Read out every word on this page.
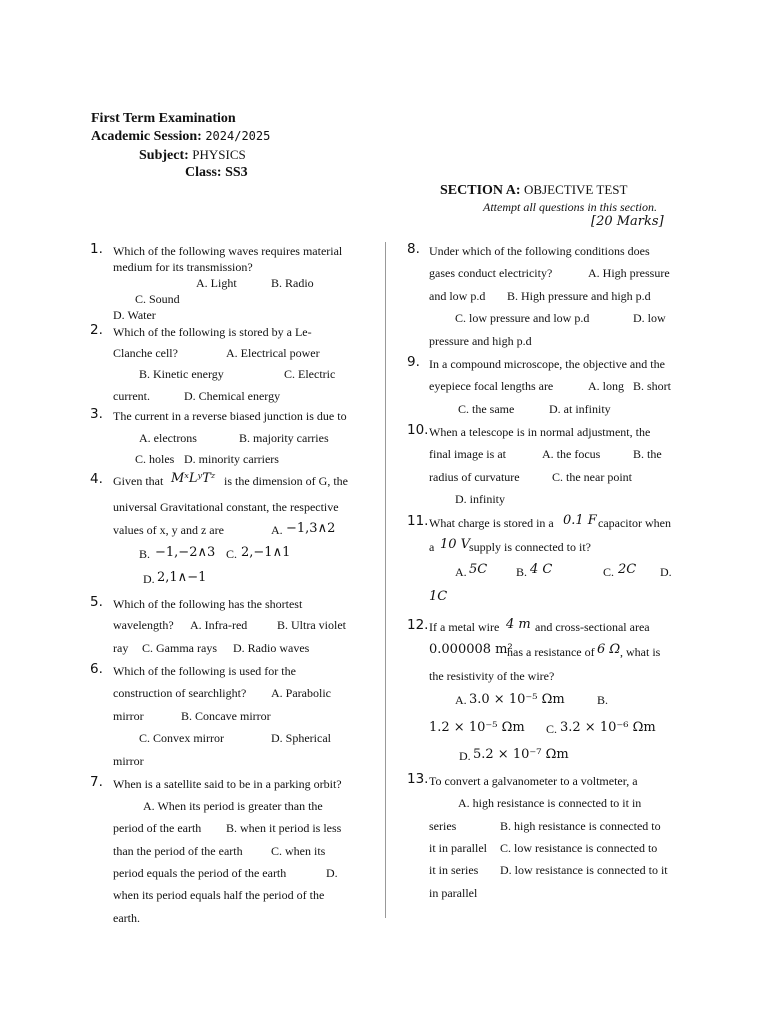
First Term Examination
Academic Session: 2024/2025
Subject: PHYSICS
Class: SS3
SECTION A: OBJECTIVE TEST
Attempt all questions in this section.
[20 Marks]
1. Which of the following waves requires material
medium for its transmission?
A. Light	B. Radio
C. Sound
D. Water
2. Which of the following is stored by a Le-
Clanche cell?	A. Electrical power
B. Kinetic energy	C. Electric
current.	D. Chemical energy
3. The current in a reverse biased junction is due to
A. electrons	B. majority carries
C. holes D. minority carriers
4. Given that MˣLʸTᶻ is the dimension of G, the
universal Gravitational constant, the respective
values of x, y and z are	A. −1,3∧2
B. −1,−2∧3 C. 2,−1∧1
D. 2,1∧−1
5. Which of the following has the shortest
wavelength? A. Infra-red B. Ultra violet
ray C. Gamma rays D. Radio waves
6. Which of the following is used for the
construction of searchlight? A. Parabolic
mirror	B. Concave mirror
C. Convex mirror	D. Spherical
mirror
7. When is a satellite said to be in a parking orbit?
A. When its period is greater than the
period of the earth B. when it period is less
than the period of the earth C. when its
period equals the period of the earth	D.
when its period equals half the period of the
earth.
8. Under which of the following conditions does
gases conduct electricity?	A. High pressure
and low p.d B. High pressure and high p.d
C. low pressure and low p.d	D. low
pressure and high p.d
9. In a compound microscope, the objective and the
eyepiece focal lengths are	A. long B. short
C. the same	D. at infinity
10. When a telescope is in normal adjustment, the
final image is at	A. the focus	B. the
radius of curvature	C. the near point
D. infinity
11. What charge is stored in a 0.1 F capacitor when
a 10 V
supply is connected to it?
A. 5C B. 4 C	C. 2C D.
1C
12. If a metal wire 4 m and cross-sectional area
0.000008 m²
has a resistance of 6 Ω , what is
the resistivity of the wire?
A. 3.0 × 10⁻⁵ Ωm	B.
1.2 × 10⁻⁵ Ωm C. 3.2 × 10⁻⁶ Ωm
D. 5.2 × 10⁻⁷ Ωm
13. To convert a galvanometer to a voltmeter, a
A. high resistance is connected to it in
series	B. high resistance is connected to
it in parallel C. low resistance is connected to
it in series D. low resistance is connected to it
in parallel
